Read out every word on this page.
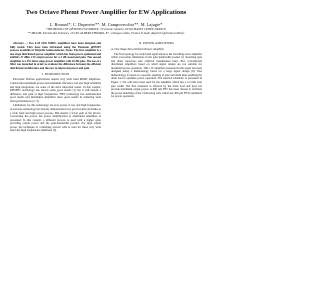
Two Octave Phemt Power Amplifier for EW Applications
L. Roussel*, C. Duperrier**, M. Campovecchio**, M. Lajugie*
*THOMSON-CSF DÉTEXIS FOUDROYE, 70 avenue Caburet, 91349 MASSY CEDEX FRANCE
** IRCOM, Faculté des Sciences, 123 AV. ALBERT THOMAS, 87 - Limoges cedex, France E-mail: duperrier@ircom.unilim.fr

Abstract — Two 6-18 GHz MMIC amplifiers have been designed and fully tested. They have been fabricated using the Thomson pHEMT process available at TriQuint Semiconductor, Texas. The first amplifier is a one stage distributed power amplifier which has been power optimized and exhibits 27 dBm CW output power for a 3 dB associated gain. The second amplifier is a 2W three stage power amplifier with 20 dB gain. The use of a filter was launched in order to evaluate the difference between the efficient distributed architecture and the new in improved power and gain.

I. INTRODUCTION

Electronic Warfare applications require very wide band MMIC amplifiers. Criteria like maximum power and maximum efficiency, but also high reliability and high integration, are some of the most important issues. In this context, MESFET technology has shown some good results [1] but it will benefit a difference and gain at high frequencies. HBT technology has demonstrated good results and distributed amplifiers show good results in achieving wide band performances [2, 3].

Limitations for this technology are poor power at low and high frequencies. A previous technology has already demonstrated very good results [4] thanks to a wide band and high power process. But usually a lower gain of the device. Concerning the power, the power amplification at distributed amplifiers is presented. In this context, a different process is used with a higher gain, providing output power and the gain-bandwidth product. For high output power, the technique of combining several cells is used for these very wide band and high frequencies amplifiers [5].

II. POWER AMPLIFIERS
A. One Stage Non-Uniform Power Amplifier

The first topology for wide band applications is the travelling-wave amplifier which overcomes limitations in the gain-bandwidth product by absorbing gate and drain capacitors into artificial transmission lines. But, conventional distributed amplifiers based on small signal design are not suitable for maximum power operation. This 1 W amplifier presented in this paper has been designed using a methodology based on a large signal design [6]. This methodology is based on a specific tapering of gate and drain lines enabling the drain load to optimize power operation. The selected schematic is presented in Figure 1. Six cells have been used for the amplifier which has a 2.5 mm total gate width. The first transistor is affected by the drain load and does not provide maximum output power. A 600 µm FET has been chosen to facilitate the power matching of the 3 following cells which use 300 µm FETs optimized for power operation.
